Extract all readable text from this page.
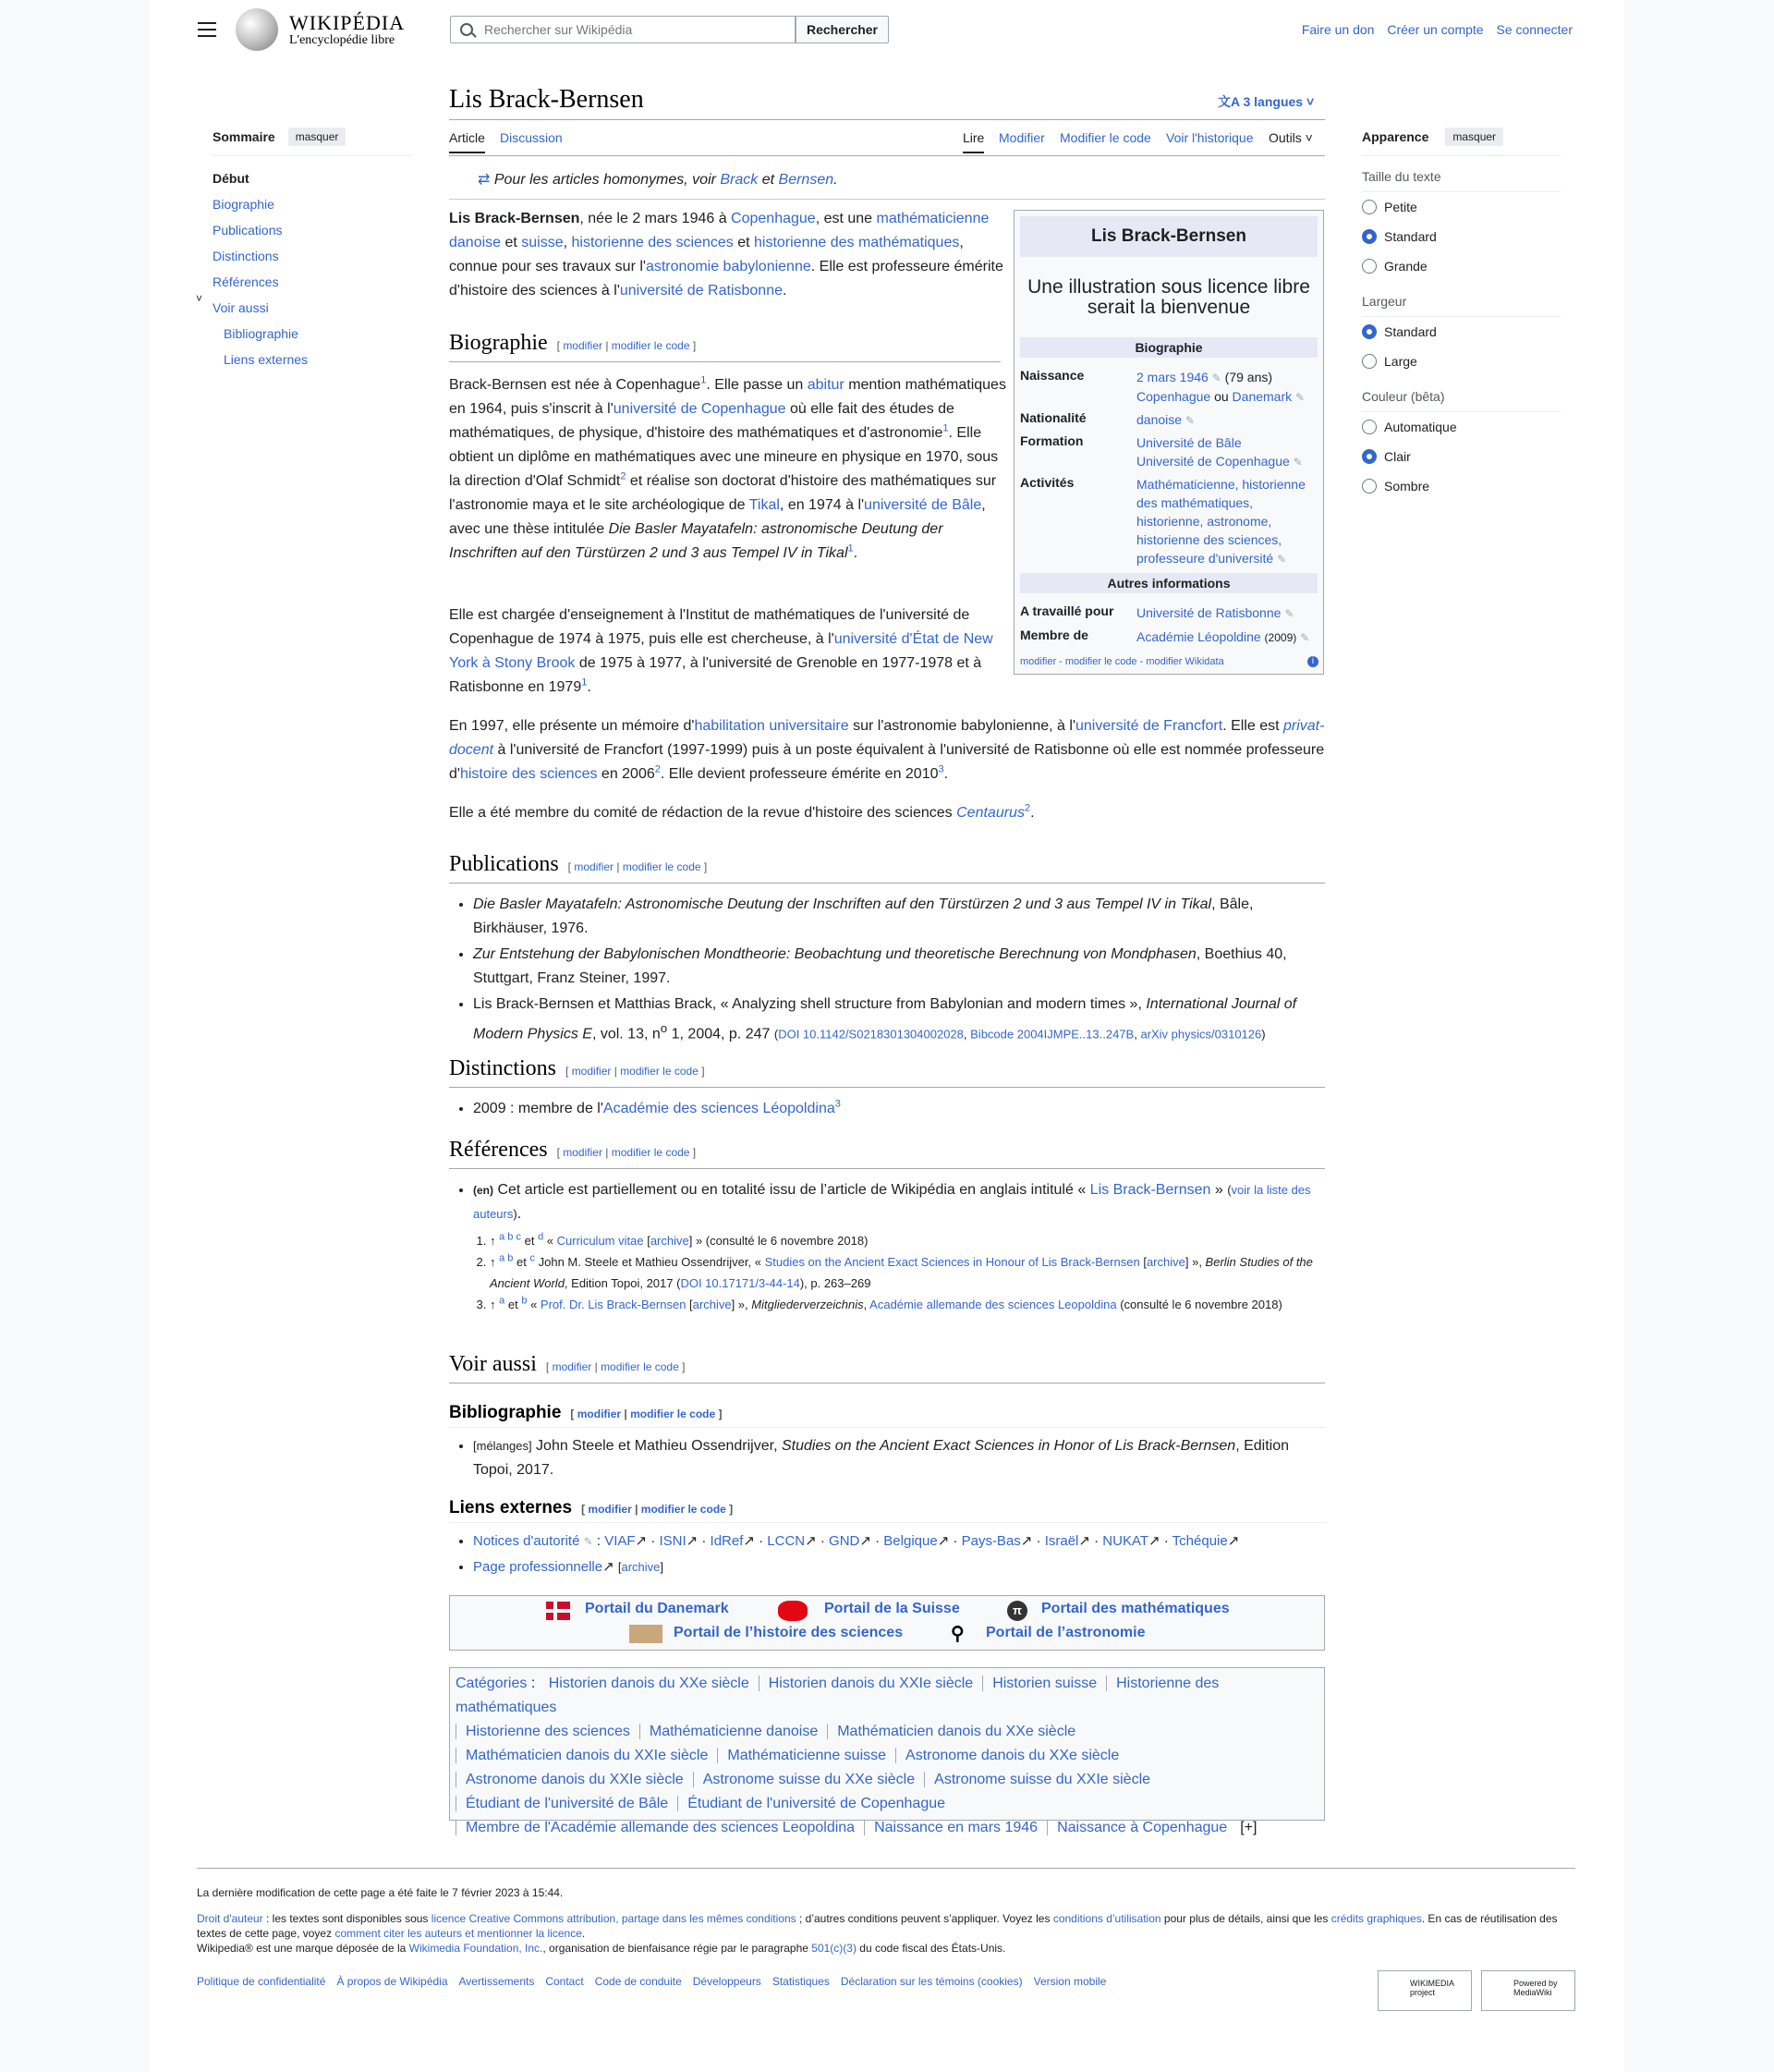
WIKIPÉDIA
L'encyclopédie libre
Rechercher sur Wikipédia	Rechercher	Faire un don Créer un compte Se connecter
Sommaire	masquer
Début
Biographie
Publications
Distinctions
Références
Voir aussi
Bibliographie
Liens externes
˅
Apparence	masquer
Taille du texte
Petite
Standard
Grande
Largeur
Standard
Large
Couleur (bêta)
Automatique
Clair
Sombre
Lis Brack-Bernsen	文A 3 langues ˅
Article Discussion	Lire Modifier Modifier le code Voir l'historique Outils ˅
⇄ Pour les articles homonymes, voir Brack et Bernsen.
Lis Brack-Bernsen
Une illustration sous licence libre serait la bienvenue
Biographie
Naissance	2 mars 1946 ✎ (79 ans)
Copenhague ou Danemark ✎
Nationalité	danoise ✎
Formation	Université de Bâle
Université de Copenhague ✎
Activités	Mathématicienne, historienne
des mathématiques,
historienne, astronome,
historienne des sciences,
professeure d'université ✎
Autres informations
A travaillé pour Université de Ratisbonne ✎
Membre de	Académie Léopoldine (2009) ✎
modifier - modifier le code - modifier Wikidata	i

Lis Brack-Bernsen, née le 2 mars 1946 à Copenhague, est une mathématicienne danoise et suisse, historienne des sciences et historienne des mathématiques, connue pour ses travaux sur l'astronomie babylonienne. Elle est professeure émérite d'histoire des sciences à l'université de Ratisbonne.

Biographie [ modifier | modifier le code ]

Brack-Bernsen est née à Copenhague$^1$. Elle passe un abitur mention mathématiques en 1964, puis s'inscrit à l'université de Copenhague où elle fait des études de mathématiques, de physique, d'histoire des mathématiques et d'astronomie$^1$. Elle obtient un diplôme en mathématiques avec une mineure en physique en 1970, sous la direction d'Olaf Schmidt$^2$ et réalise son doctorat d'histoire des mathématiques sur l'astronomie maya et le site archéologique de Tikal, en 1974 à l'université de Bâle, avec une thèse intitulée Die Basler Mayatafeln: astronomische Deutung der Inschriften auf den Türstürzen 2 und 3 aus Tempel IV in Tikal$^1$.

Elle est chargée d'enseignement à l'Institut de mathématiques de l'université de Copenhague de 1974 à 1975, puis elle est chercheuse, à l'université d'État de New York à Stony Brook de 1975 à 1977, à l'université de Grenoble en 1977-1978 et à Ratisbonne en 1979$^1$.

En 1997, elle présente un mémoire d'habilitation universitaire sur l'astronomie babylonienne, à l'université de Francfort. Elle est privat-docent à l'université de Francfort (1997-1999) puis à un poste équivalent à l'université de Ratisbonne où elle est nommée professeure d'histoire des sciences en 2006$^2$. Elle devient professeure émérite en 2010$^3$.

Elle a été membre du comité de rédaction de la revue d'histoire des sciences Centaurus$^2$.

Publications [ modifier | modifier le code ]
• Die Basler Mayatafeln: Astronomische Deutung der Inschriften auf den Türstürzen 2 und 3 aus Tempel IV in Tikal, Bâle, Birkhäuser, 1976.
• Zur Entstehung der Babylonischen Mondtheorie: Beobachtung und theoretische Berechnung von Mondphasen, Boethius 40, Stuttgart, Franz Steiner, 1997.
• Lis Brack-Bernsen et Matthias Brack, « Analyzing shell structure from Babylonian and modern times », International Journal of Modern Physics E, vol. 13, $n^o$ 1, 2004, p. 247 (DOI 10.1142/S0218301304002028, Bibcode 2004IJMPE..13..247B, arXiv physics/0310126)
Distinctions [ modifier | modifier le code ]
• 2009 : membre de l'Académie des sciences Léopoldina$^3$
Références [ modifier | modifier le code ]
• (en) Cet article est partiellement ou en totalité issu de l’article de Wikipédia en anglais intitulé « Lis Brack-Bernsen » (voir la liste des auteurs).
1. ↑ $^{a b c}$ et $^d$ « Curriculum vitae [archive] » (consulté le 6 novembre 2018)
2. ↑ $^{a b}$ et $^c$ John M. Steele et Mathieu Ossendrijver, « Studies on the Ancient Exact Sciences in Honour of Lis Brack-Bernsen [archive] », Berlin Studies of the Ancient World, Edition Topoi, 2017 (DOI 10.17171/3-44-14), p. 263–269
3. ↑ $^a$ et $^b$ « Prof. Dr. Lis Brack-Bernsen [archive] », Mitgliederverzeichnis, Académie allemande des sciences Leopoldina (consulté le 6 novembre 2018)
Voir aussi [ modifier | modifier le code ]
Bibliographie [ modifier | modifier le code ]
• [mélanges] John Steele et Mathieu Ossendrijver, Studies on the Ancient Exact Sciences in Honor of Lis Brack-Bernsen, Edition Topoi, 2017.
Liens externes [ modifier | modifier le code ]
• Notices d'autorité ✎ : VIAF↗ · ISNI↗ · IdRef↗ · LCCN↗ · GND↗ · Belgique↗ · Pays-Bas↗ · Israël↗ · NUKAT↗ · Tchéquie↗
• Page professionnelle↗ [archive]
Portail du Danemark	Portail de la Suisse	π	Portail des mathématiques
Portail de l’histoire des sciences	⚲ Portail de l’astronomie
Catégories : Historien danois du XXe siècle Historien danois du XXIe siècle Historien suisse Historienne des mathématiques
Historienne des sciences Mathématicienne danoise Mathématicien danois du XXe siècle
Mathématicien danois du XXIe siècle Mathématicienne suisse Astronome danois du XXe siècle
Astronome danois du XXIe siècle Astronome suisse du XXe siècle Astronome suisse du XXIe siècle
Étudiant de l'université de Bâle Étudiant de l'université de Copenhague
Membre de l'Académie allemande des sciences Leopoldina Naissance en mars 1946 Naissance à Copenhague [+]
La dernière modification de cette page a été faite le 7 février 2023 à 15:44.
Droit d'auteur : les textes sont disponibles sous licence Creative Commons attribution, partage dans les mêmes conditions ; d’autres conditions peuvent s’appliquer. Voyez les conditions d’utilisation pour plus de détails, ainsi que les crédits graphiques. En cas de réutilisation des textes de cette page, voyez comment citer les auteurs et mentionner la licence.
Wikipedia® est une marque déposée de la Wikimedia Foundation, Inc., organisation de bienfaisance régie par le paragraphe 501(c)(3) du code fiscal des États-Unis.
Politique de confidentialité À propos de Wikipédia Avertissements Contact Code de conduite Développeurs Statistiques Déclaration sur les témoins (cookies) Version mobile	WIKIMEDIA project
Powered by MediaWiki
